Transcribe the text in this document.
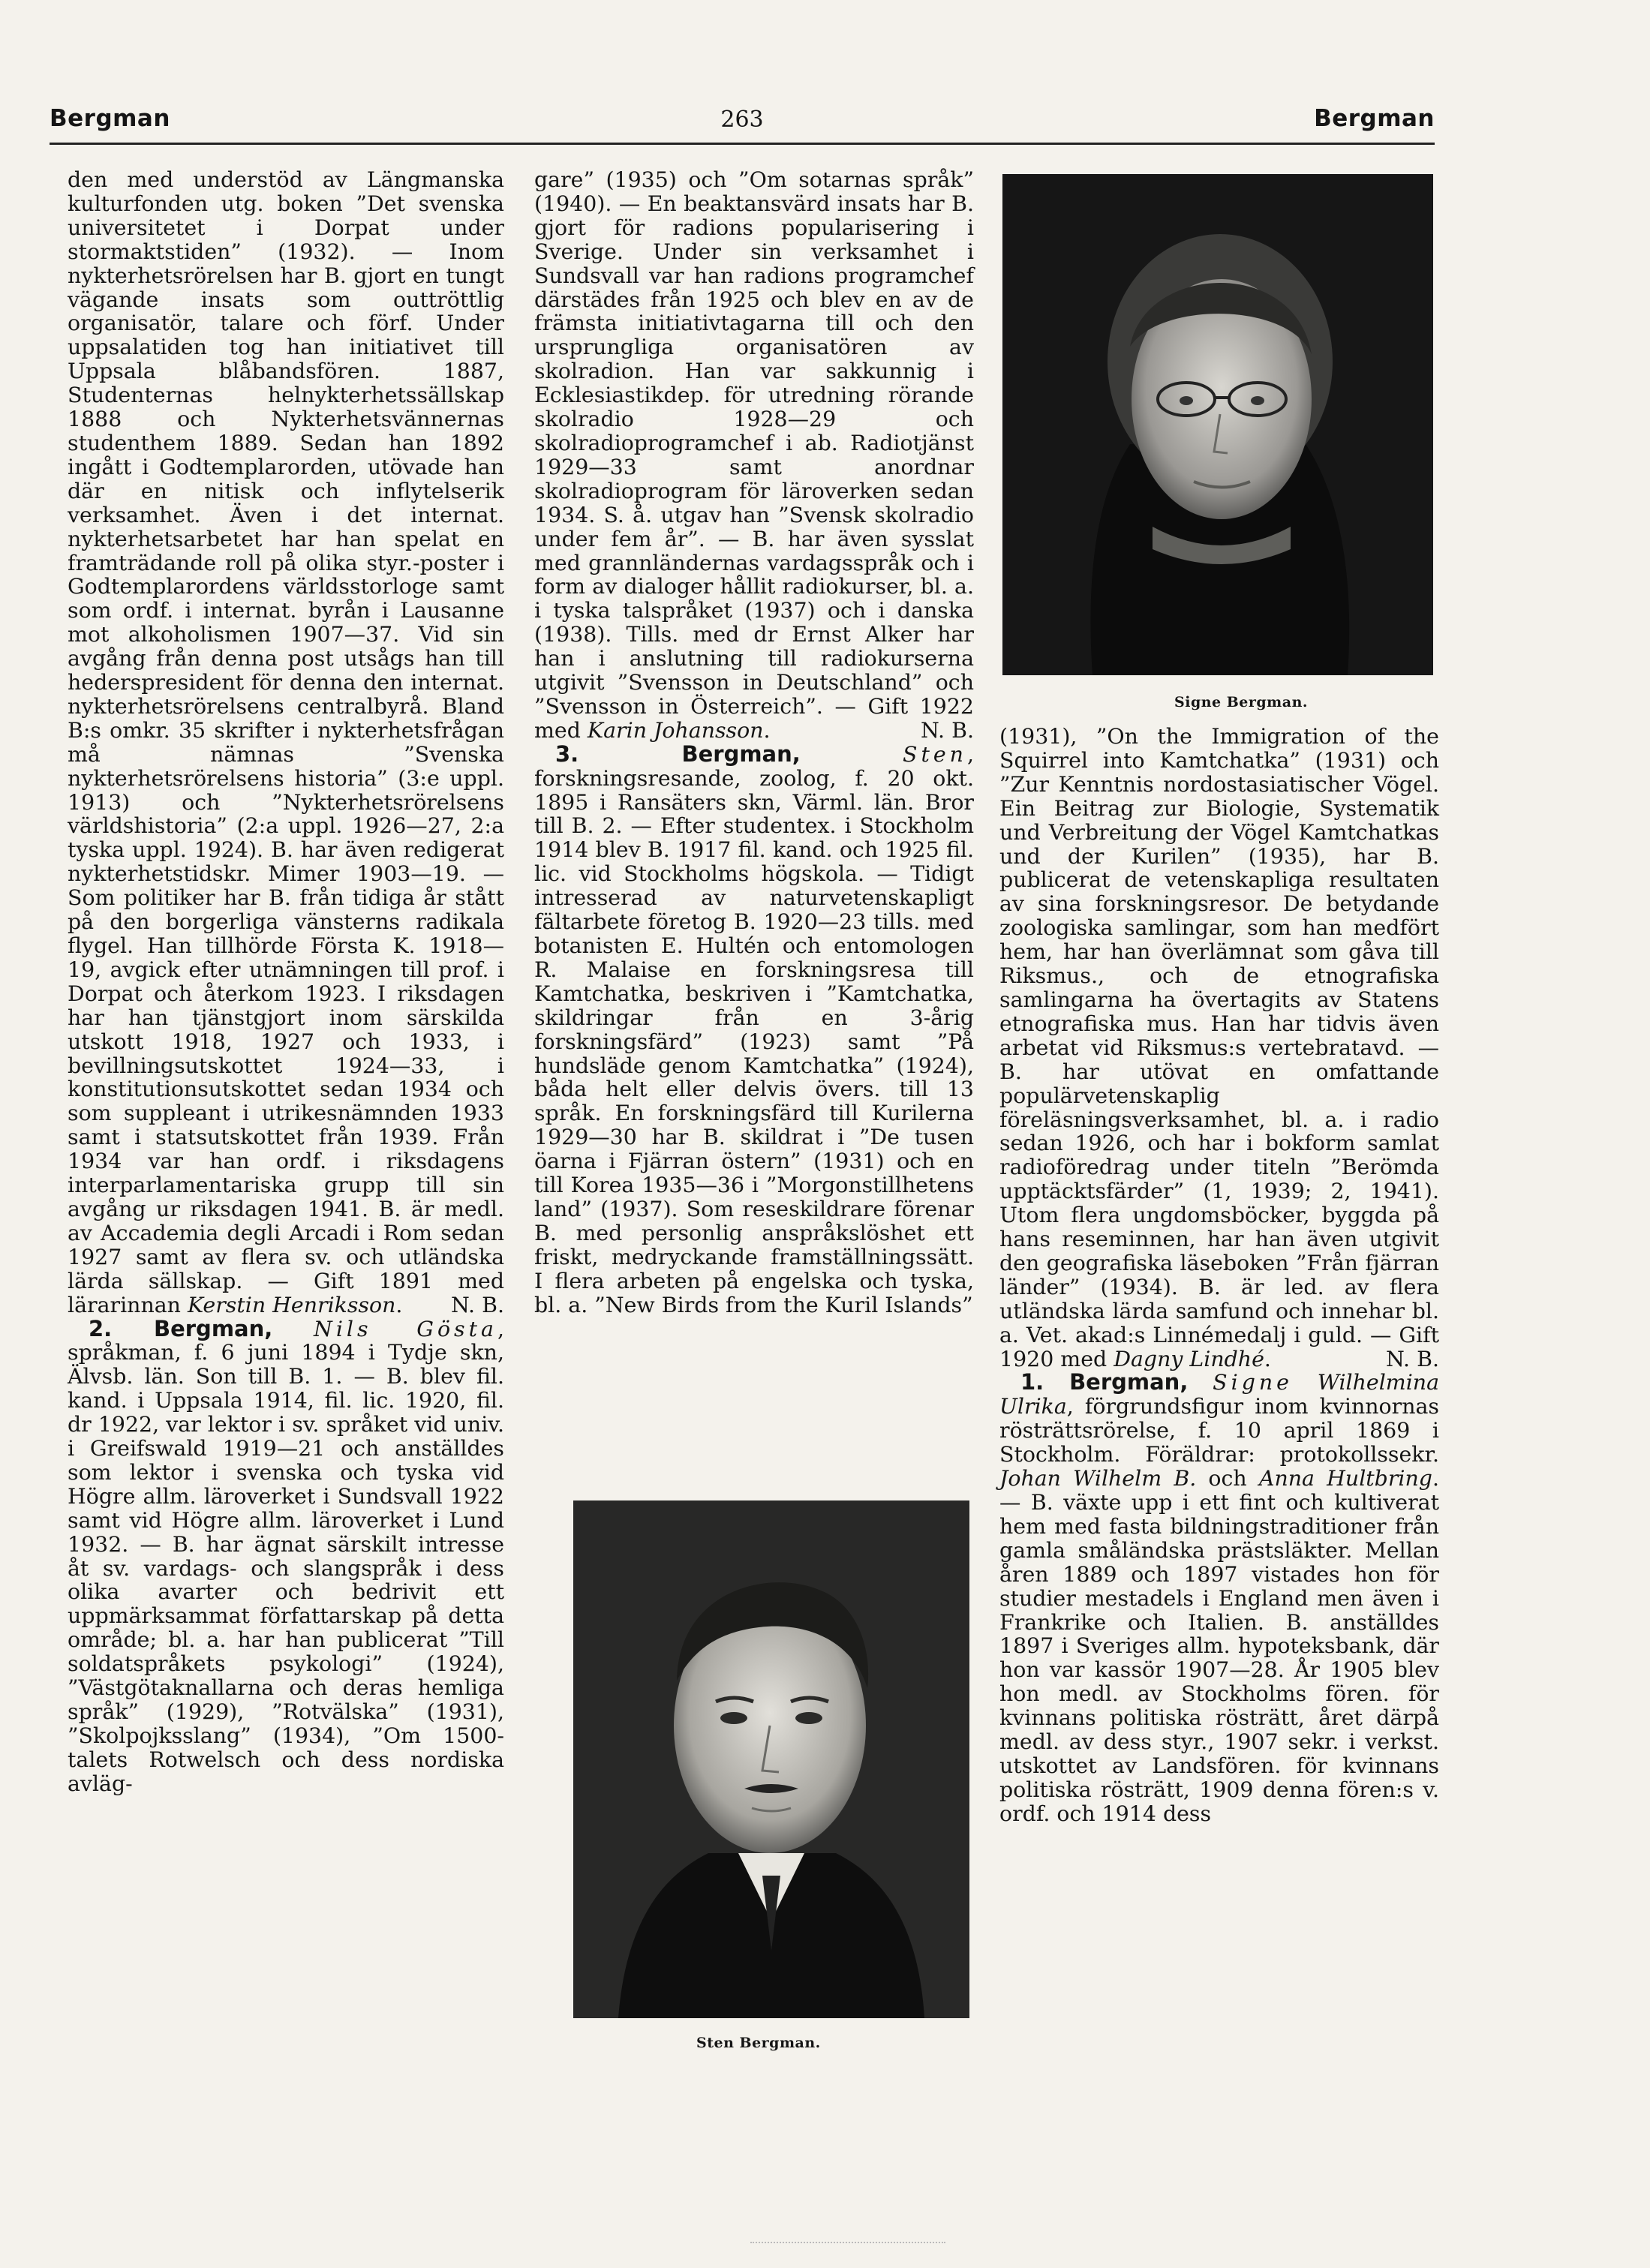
Bergman	263	Bergman

den med understöd av Längmanska kulturfonden utg. boken ”Det svenska universitetet i Dorpat under stormaktstiden” (1932). — Inom nykterhetsrörelsen har B. gjort en tungt vägande insats som outtröttlig organisatör, talare och förf. Under uppsalatiden tog han initiativet till Uppsala blåbandsfören. 1887, Studenternas helnykterhetssällskap 1888 och Nykterhetsvännernas studenthem 1889. Sedan han 1892 ingått i Godtemplarorden, utövade han där en nitisk och inflytelserik verksamhet. Även i det internat. nykterhetsarbetet har han spelat en framträdande roll på olika styr.-poster i Godtemplarordens världsstorloge samt som ordf. i internat. byrån i Lausanne mot alkoholismen 1907—37. Vid sin avgång från denna post utsågs han till hederspresident för denna den internat. nykterhetsrörelsens centralbyrå. Bland B:s omkr. 35 skrifter i nykterhetsfrågan må nämnas ”Svenska nykterhetsrörelsens historia” (3:e uppl. 1913) och ”Nykterhetsrörelsens världshistoria” (2:a uppl. 1926—27, 2:a tyska uppl. 1924). B. har även redigerat nykterhetstidskr. Mimer 1903—19. — Som politiker har B. från tidiga år stått på den borgerliga vänsterns radikala flygel. Han tillhörde Första K. 1918—19, avgick efter utnämningen till prof. i Dorpat och återkom 1923. I riksdagen har han tjänstgjort inom särskilda utskott 1918, 1927 och 1933, i bevillningsutskottet 1924—33, i konstitutionsutskottet sedan 1934 och som suppleant i utrikesnämnden 1933 samt i statsutskottet från 1939. Från 1934 var han ordf. i riksdagens interparlamentariska grupp till sin avgång ur riksdagen 1941. B. är medl. av Accademia degli Arcadi i Rom sedan 1927 samt av flera sv. och utländska lärda sällskap. — Gift 1891 med lärarinnan Kerstin Henriksson. N. B.

2. Bergman, Nils Gösta, språkman, f. 6 juni 1894 i Tydje skn, Älvsb. län. Son till B. 1. — B. blev fil. kand. i Uppsala 1914, fil. lic. 1920, fil. dr 1922, var lektor i sv. språket vid univ. i Greifswald 1919—21 och anställdes som lektor i svenska och tyska vid Högre allm. läroverket i Sundsvall 1922 samt vid Högre allm. läroverket i Lund 1932. — B. har ägnat särskilt intresse åt sv. vardags- och slangspråk i dess olika avarter och bedrivit ett uppmärksammat författarskap på detta område; bl. a. har han publicerat ”Till soldatspråkets psykologi” (1924), ”Västgötaknallarna och deras hemliga språk” (1929), ”Rotvälska” (1931), ”Skolpojksslang” (1934), ”Om 1500-talets Rotwelsch och dess nordiska avläg-

gare” (1935) och ”Om sotarnas språk” (1940). — En beaktansvärd insats har B. gjort för radions popularisering i Sverige. Under sin verksamhet i Sundsvall var han radions programchef därstädes från 1925 och blev en av de främsta initiativtagarna till och den ursprungliga organisatören av skolradion. Han var sakkunnig i Ecklesiastikdep. för utredning rörande skolradio 1928—29 och skolradioprogramchef i ab. Radiotjänst 1929—33 samt anordnar skolradioprogram för läroverken sedan 1934. S. å. utgav han ”Svensk skolradio under fem år”. — B. har även sysslat med grannländernas vardagsspråk och i form av dialoger hållit radiokurser, bl. a. i tyska talspråket (1937) och i danska (1938). Tills. med dr Ernst Alker har han i anslutning till radiokurserna utgivit ”Svensson in Deutschland” och ”Svensson in Österreich”. — Gift 1922 med Karin Johansson.	N. B.

3. Bergman,	Sten, forskningsresande, zoolog, f. 20 okt. 1895 i Ransäters skn, Värml. län. Bror till B. 2. — Efter studentex. i Stockholm 1914 blev B. 1917 fil. kand. och 1925 fil. lic. vid Stockholms högskola. — Tidigt intresserad av naturvetenskapligt fältarbete företog B. 1920—23 tills. med botanisten E. Hultén och entomologen R. Malaise en forskningsresa till Kamtchatka, beskriven i ”Kamtchatka, skildringar från en 3-årig forskningsfärd” (1923) samt ”På hundsläde genom Kamtchatka” (1924), båda helt eller delvis övers. till 13 språk. En forskningsfärd till Kurilerna 1929—30 har B. skildrat i ”De tusen öarna i Fjärran östern” (1931) och en till Korea 1935—36 i ”Morgonstillhetens land” (1937). Som reseskildrare förenar B. med personlig anspråkslöshet ett friskt, medryckande framställningssätt. I flera arbeten på engelska och tyska, bl. a. ”New Birds from the Kuril Islands”

(1931), ”On the Immigration of the Squirrel into Kamtchatka” (1931) och ”Zur Kenntnis nordostasiatischer Vögel. Ein Beitrag zur Biologie, Systematik und Verbreitung der Vögel Kamtchatkas und der Kurilen” (1935), har B. publicerat de vetenskapliga resultaten av sina forskningsresor. De betydande zoologiska samlingar, som han medfört hem, har han överlämnat som gåva till Riksmus., och de etnografiska samlingarna ha övertagits av Statens etnografiska mus. Han har tidvis även arbetat vid Riksmus:s vertebratavd. — B. har utövat en omfattande populärvetenskaplig föreläsningsverksamhet, bl. a. i radio sedan 1926, och har i bokform samlat radioföredrag under titeln ”Berömda upptäcktsfärder” (1, 1939; 2, 1941). Utom flera ungdomsböcker, byggda på hans reseminnen, har han även utgivit den geografiska läseboken ”Från fjärran länder” (1934). B. är led. av flera utländska lärda samfund och innehar bl. a. Vet. akad:s Linnémedalj i guld. — Gift 1920 med Dagny Lindhé.	N. B.

1. Bergman, Signe Wilhelmina Ulrika, förgrundsfigur inom kvinnornas rösträttsrörelse, f. 10 april 1869 i Stockholm. Föräldrar: protokollssekr. Johan Wilhelm B. och Anna Hultbring. — B. växte upp i ett fint och kultiverat hem med fasta bildningstraditioner från gamla småländska prästsläkter. Mellan åren 1889 och 1897 vistades hon för studier mestadels i England men även i Frankrike och Italien. B. anställdes 1897 i Sveriges allm. hypoteksbank, där hon var kassör 1907—28. År 1905 blev hon medl. av Stockholms fören. för kvinnans politiska rösträtt, året därpå medl. av dess styr., 1907 sekr. i verkst. utskottet av Landsfören. för kvinnans politiska rösträtt, 1909 denna fören:s v. ordf. och 1914 dess

Signe Bergman.
Sten Bergman.
